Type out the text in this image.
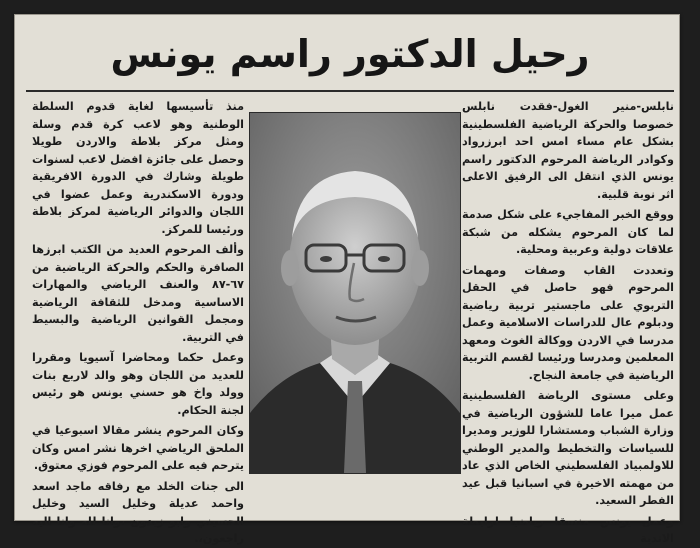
رحيل الدكتور راسم يونس

نابلس-منير الغول-فقدت نابلس خصوصا والحركة الرياضية الفلسطينية بشكل عام مساء امس احد ابرزرواد وكوادر الرياضة المرحوم الدكتور راسم يونس الذي انتقل الى الرفيق الاعلى اثر نوبة قلبية.

ووقع الخبر المفاجيء على شكل صدمة لما كان المرحوم يشكله من شبكة علاقات دولية وعربية ومحلية.

وتعددت القاب وصفات ومهمات المرحوم فهو حاصل في الحقل التربوي على ماجستير تربية رياضية ودبلوم عال للدراسات الاسلامية وعمل مدرسا في الاردن ووكالة الغوث ومعهد المعلمين ومدرسا ورئيسا لقسم التربية الرياضية في جامعة النجاح.

وعلى مستوى الرياضة الفلسطينية عمل ميرا عاما للشؤون الرياضية في وزارة الشباب ومستشارا للوزير ومديرا للسياسات والتخطيط والمدير الوطني للاولمبياد الفلسطيني الخاص الذي عاد من مهمته الاخيرة في اسبانيا قبل عيد الفطر السعيد.

وعمل يونس منسقا رياضيا لرابطة الاندية

منذ تأسيسها لغاية قدوم السلطة الوطنية وهو لاعب كرة قدم وسلة ومثل مركز بلاطة والاردن طويلا وحصل على جائزة افضل لاعب لسنوات طويلة وشارك في الدورة الافريقية ودورة الاسكندرية وعمل عضوا في اللجان والدوائر الرياضية لمركز بلاطة ورئيسا للمركز.

وألف المرحوم العديد من الكتب ابرزها الصافرة والحكم والحركة الرياضية من ٦٧-٨٧ والعنف الرياضي والمهارات الاساسية ومدخل للثقافة الرياضية ومجمل القوانين الرياضية والبسيط في التربية.

وعمل حكما ومحاضرا آسيويا ومقررا للعديد من اللجان وهو والد لاربع بنات وولد واخ هو حسني يونس هو رئيس لجنة الحكام.

وكان المرحوم ينشر مقالا اسبوعيا في الملحق الرياضي اخرها نشر امس وكان يترحم فيه على المرحوم فوزي معتوق.

الى جنات الخلد مع رفاقه ماجد اسعد واحمد عديلة وخليل السيد وخليل الحسيني وابو زيدون ،وانا لله وانا اليه راجعون،.
